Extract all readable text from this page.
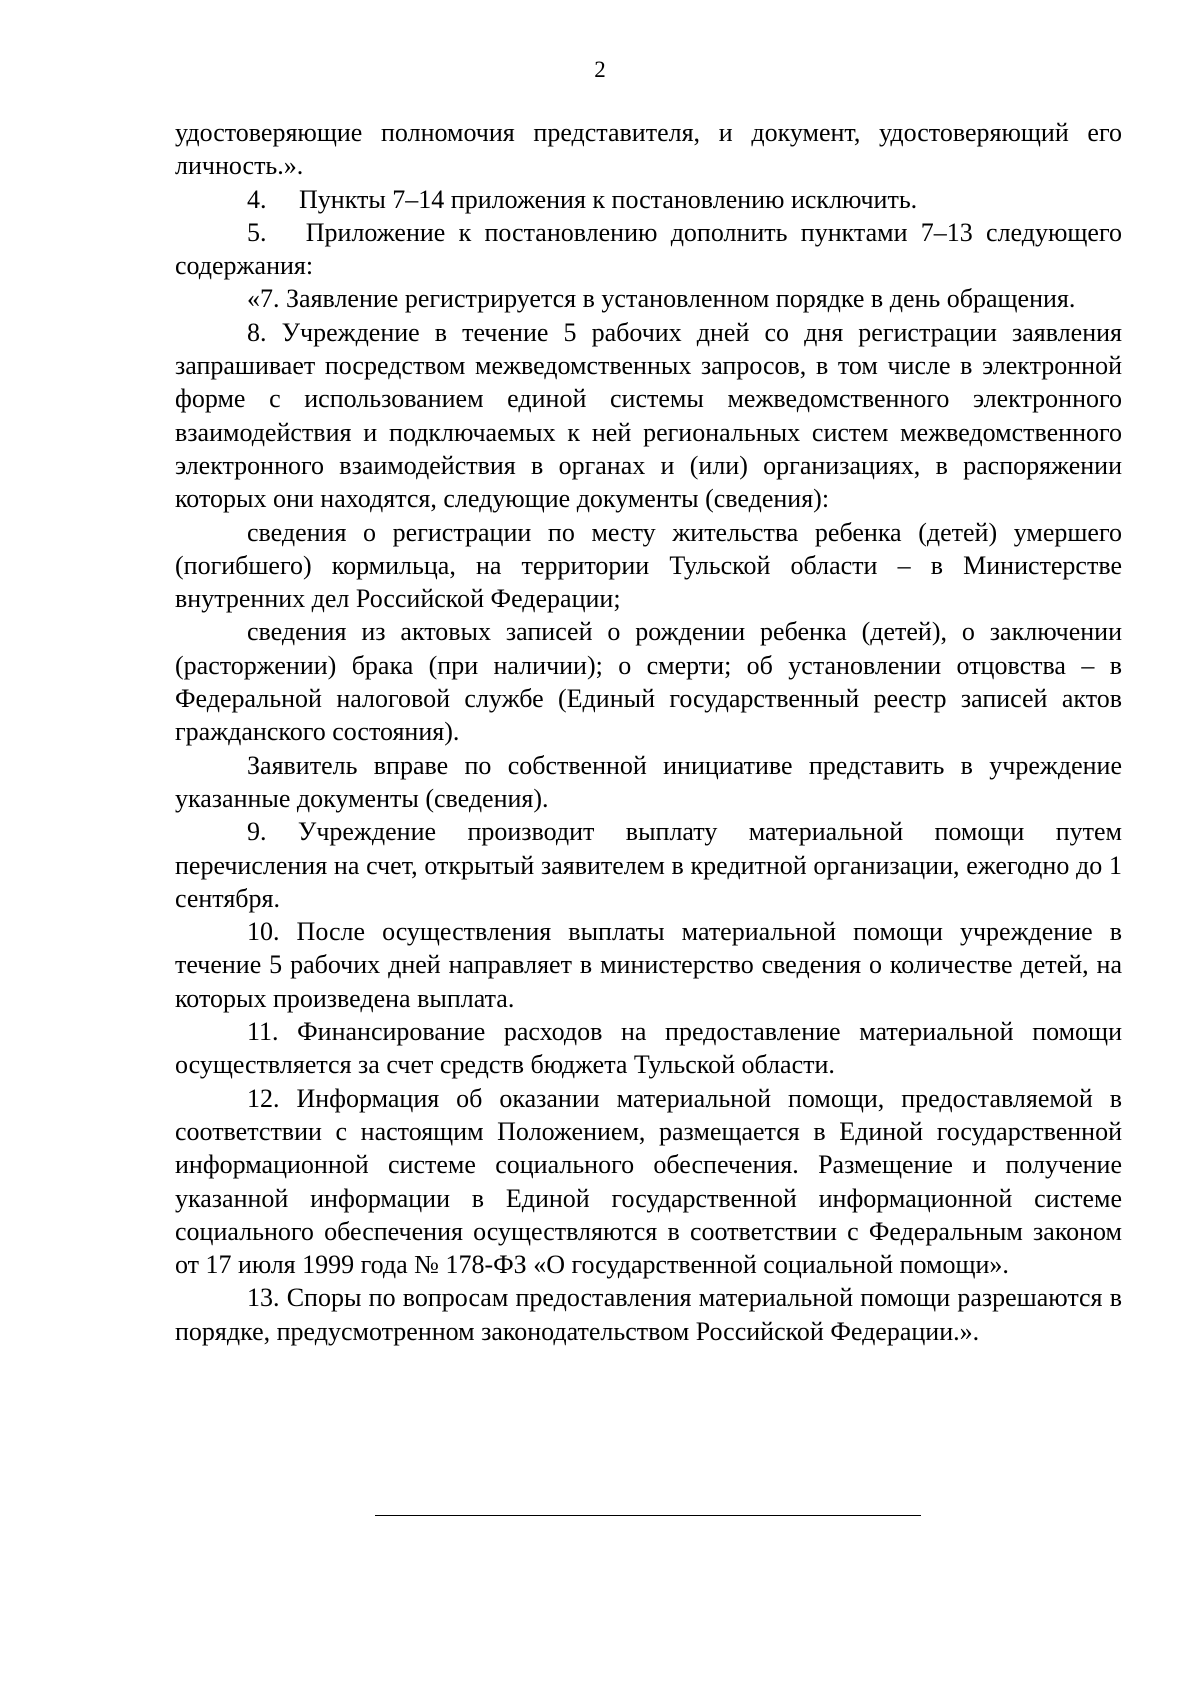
2

удостоверяющие полномочия представителя, и документ, удостоверяющий его личность.».

4.  Пункты 7–14 приложения к постановлению исключить.

5.  Приложение к постановлению дополнить пунктами 7–13 следующего содержания:

«7. Заявление регистрируется в установленном порядке в день обращения.

8. Учреждение в течение 5 рабочих дней со дня регистрации заявления запрашивает посредством межведомственных запросов, в том числе в электронной форме с использованием единой системы межведомственного электронного взаимодействия и подключаемых к ней региональных систем межведомственного электронного взаимодействия в органах и (или) организациях, в распоряжении которых они находятся, следующие документы (сведения):

сведения о регистрации по месту жительства ребенка (детей) умершего (погибшего) кормильца, на территории Тульской области – в Министерстве внутренних дел Российской Федерации;

сведения из актовых записей о рождении ребенка (детей), о заключении (расторжении) брака (при наличии); о смерти; об установлении отцовства – в Федеральной налоговой службе (Единый государственный реестр записей актов гражданского состояния).

Заявитель вправе по собственной инициативе представить в учреждение указанные документы (сведения).

9. Учреждение производит выплату материальной помощи путем перечисления на счет, открытый заявителем в кредитной организации, ежегодно до 1 сентября.

10. После осуществления выплаты материальной помощи учреждение в течение 5 рабочих дней направляет в министерство сведения о количестве детей, на которых произведена выплата.

11. Финансирование расходов на предоставление материальной помощи осуществляется за счет средств бюджета Тульской области.

12. Информация об оказании материальной помощи, предоставляемой в соответствии с настоящим Положением, размещается в Единой государственной информационной системе социального обеспечения. Размещение и получение указанной информации в Единой государственной информационной системе социального обеспечения осуществляются в соответствии с Федеральным законом от 17 июля 1999 года № 178-ФЗ «О государственной социальной помощи».

13. Споры по вопросам предоставления материальной помощи разрешаются в порядке, предусмотренном законодательством Российской Федерации.».
